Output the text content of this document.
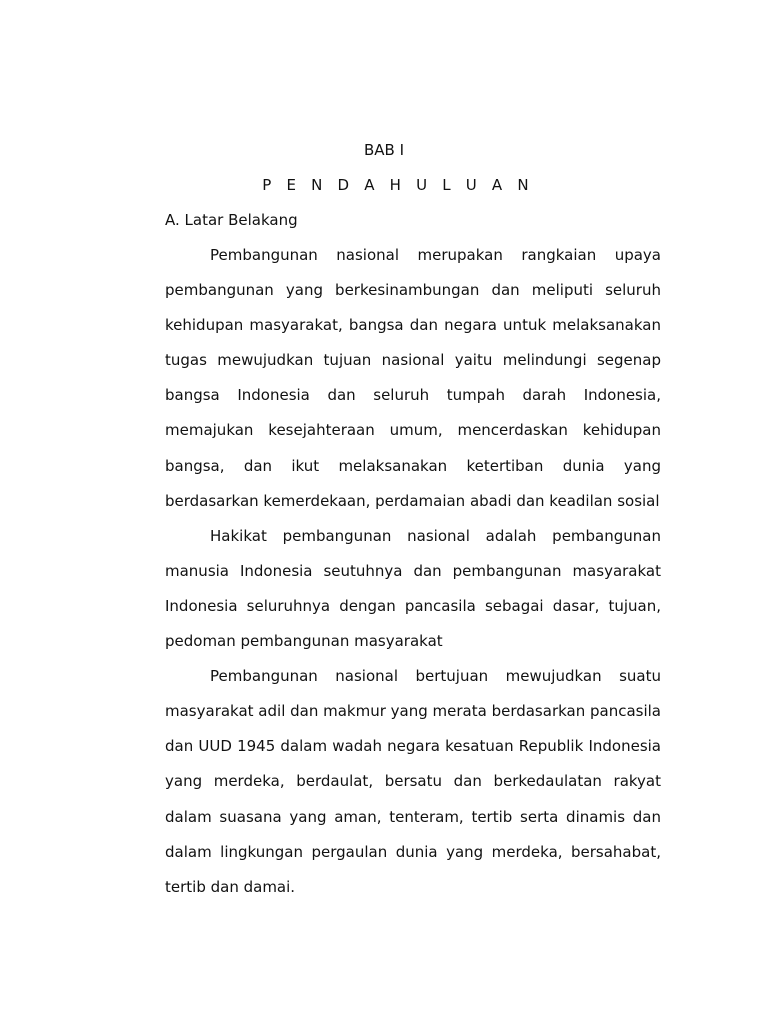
BAB I
P E N D A H U L U A N
A. Latar Belakang

Pembangunan nasional merupakan rangkaian upaya pembangunan yang berkesinambungan dan meliputi seluruh kehidupan masyarakat, bangsa dan negara untuk melaksanakan tugas mewujudkan tujuan nasional yaitu melindungi segenap bangsa Indonesia dan seluruh tumpah darah Indonesia, memajukan kesejahteraan umum, mencerdaskan kehidupan bangsa, dan ikut melaksanakan ketertiban dunia yang berdasarkan kemerdekaan, perdamaian abadi dan keadilan sosial

Hakikat pembangunan nasional adalah pembangunan manusia Indonesia seutuhnya dan pembangunan masyarakat Indonesia seluruhnya dengan pancasila sebagai dasar, tujuan, pedoman pembangunan masyarakat

Pembangunan nasional bertujuan mewujudkan suatu masyarakat adil dan makmur yang merata berdasarkan pancasila dan UUD 1945 dalam wadah negara kesatuan Republik Indonesia yang merdeka, berdaulat, bersatu dan berkedaulatan rakyat dalam suasana yang aman, tenteram, tertib serta dinamis dan dalam lingkungan pergaulan dunia yang merdeka, bersahabat, tertib dan damai.
